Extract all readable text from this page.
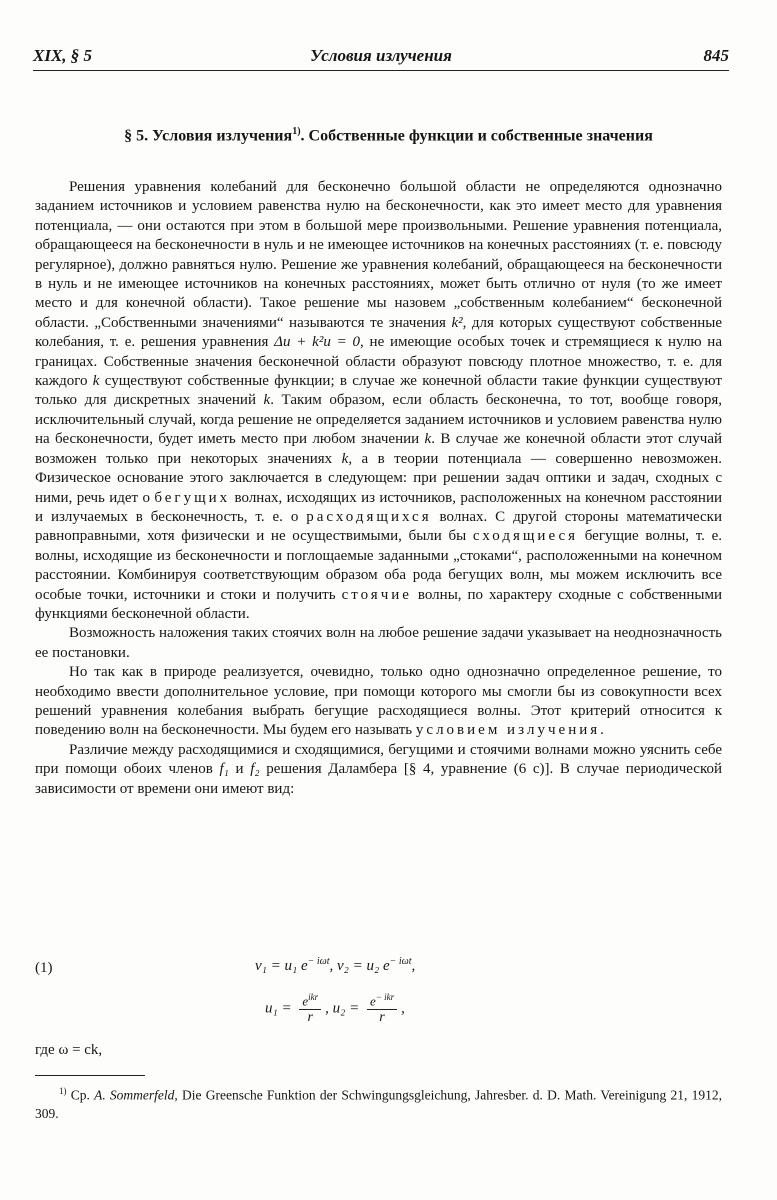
XIX, § 5	Условия излучения	845
§ 5. Условия излучения$^{1)}$. Собственные функции и собственные значения

Решения уравнения колебаний для бесконечно большой области не определяются однозначно заданием источников и условием равенства нулю на бесконечности, как это имеет место для уравнения потенциала, — они остаются при этом в большой мере произвольными. Решение уравнения потенциала, обращающееся на бесконечности в нуль и не имеющее источников на конечных расстояниях (т. е. повсюду регулярное), должно равняться нулю. Решение же уравнения колебаний, обращающееся на бесконечности в нуль и не имеющее источников на конечных расстояниях, может быть отлично от нуля (то же имеет место и для конечной области). Такое решение мы назовем „собственным колебанием“ бесконечной области. „Собственными значениями“ называются те значения k², для которых существуют собственные колебания, т. е. решения уравнения Δu + k²u = 0, не имеющие особых точек и стремящиеся к нулю на границах. Собственные значения бесконечной области образуют повсюду плотное множество, т. е. для каждого k существуют собственные функции; в случае же конечной области такие функции существуют только для дискретных значений k. Таким образом, если область бесконечна, то тот, вообще говоря, исключительный случай, когда решение не определяется заданием источников и условием равенства нулю на бесконечности, будет иметь место при любом значении k. В случае же конечной области этот случай возможен только при некоторых значениях k, а в теории потенциала — совершенно невозможен. Физическое основание этого заключается в следующем: при решении задач оптики и задач, сходных с ними, речь идет о бегущих волнах, исходящих из источников, расположенных на конечном расстоянии и излучаемых в бесконечность, т. е. о расходящихся волнах. С другой стороны математически равноправными, хотя физически и не осуществимыми, были бы сходящиеся бегущие волны, т. е. волны, исходящие из бесконечности и поглощаемые заданными „стоками“, расположенными на конечном расстоянии. Комбинируя соответствующим образом оба рода бегущих волн, мы можем исключить все особые точки, источники и стоки и получить стоячие волны, по характеру сходные с собственными функциями бесконечной области.

Возможность наложения таких стоячих волн на любое решение задачи указывает на неоднозначность ее постановки.

Но так как в природе реализуется, очевидно, только одно однозначно определенное решение, то необходимо ввести дополнительное условие, при помощи которого мы смогли бы из совокупности всех решений уравнения колебания выбрать бегущие расходящиеся волны. Этот критерий относится к поведению волн на бесконечности. Мы будем его называть условием излучения.

Различие между расходящимися и сходящимися, бегущими и стоячими волнами можно уяснить себе при помощи обоих членов f₁ и f₂ решения Даламбера [§ 4, уравнение (6 с)]. В случае периодической зависимости от времени они имеют вид:

(1)	v₁ = u₁ $e^{- i\omega t}$, v₂ = u₂ $e^{- i\omega t}$,
$u_1 = \frac{e^{ikr}}{r}$ , $u_2 = \frac{e^{- ikr}}{r}$ ,
где ω = ck,
$^{1)}$ Ср. A. Sommerfeld, Die Greensche Funktion der Schwingungsgleichung, Jahresber. d. D. Math. Vereinigung 21, 1912, 309.
